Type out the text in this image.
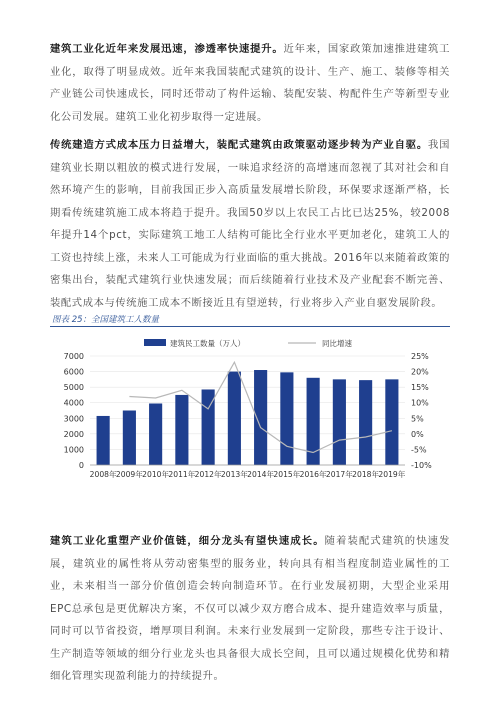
建筑工业化近年来发展迅速，渗透率快速提升。近年来，国家政策加速推进建筑工业化，取得了明显成效。近年来我国装配式建筑的设计、生产、施工、装修等相关产业链公司快速成长，同时还带动了构件运输、装配安装、构配件生产等新型专业化公司发展。建筑工业化初步取得一定进展。

传统建造方式成本压力日益增大，装配式建筑由政策驱动逐步转为产业自驱。我国建筑业长期以粗放的模式进行发展，一味追求经济的高增速而忽视了其对社会和自然环境产生的影响，目前我国正步入高质量发展增长阶段，环保要求逐渐严格，长期看传统建筑施工成本将趋于提升。我国50岁以上农民工占比已达25%，较2008年提升14个pct，实际建筑工地工人结构可能比全行业水平更加老化，建筑工人的工资也持续上涨，未来人工可能成为行业面临的重大挑战。2016年以来随着政策的密集出台，装配式建筑行业快速发展；而后续随着行业技术及产业配套不断完善、装配式成本与传统施工成本不断接近且有望逆转，行业将步入产业自驱发展阶段。

图表 25：全国建筑工人数量

建筑民工数量（万人）	同比增速
0
1000
2000
3000
4000
5000
6000
7000
-10%
-5%
0%
5%
10%
15%
20%
25%
2008年 2009年 2010年 2011年 2012年 2013年 2014年 2015年 2016年 2017年 2018年 2019年

建筑工业化重塑产业价值链，细分龙头有望快速成长。随着装配式建筑的快速发展，建筑业的属性将从劳动密集型的服务业，转向具有相当程度制造业属性的工业，未来相当一部分价值创造会转向制造环节。在行业发展初期，大型企业采用EPC总承包是更优解决方案，不仅可以减少双方磨合成本、提升建造效率与质量，同时可以节省投资，增厚项目利润。未来行业发展到一定阶段，那些专注于设计、生产制造等领域的细分行业龙头也具备很大成长空间，且可以通过规模化优势和精细化管理实现盈利能力的持续提升。
